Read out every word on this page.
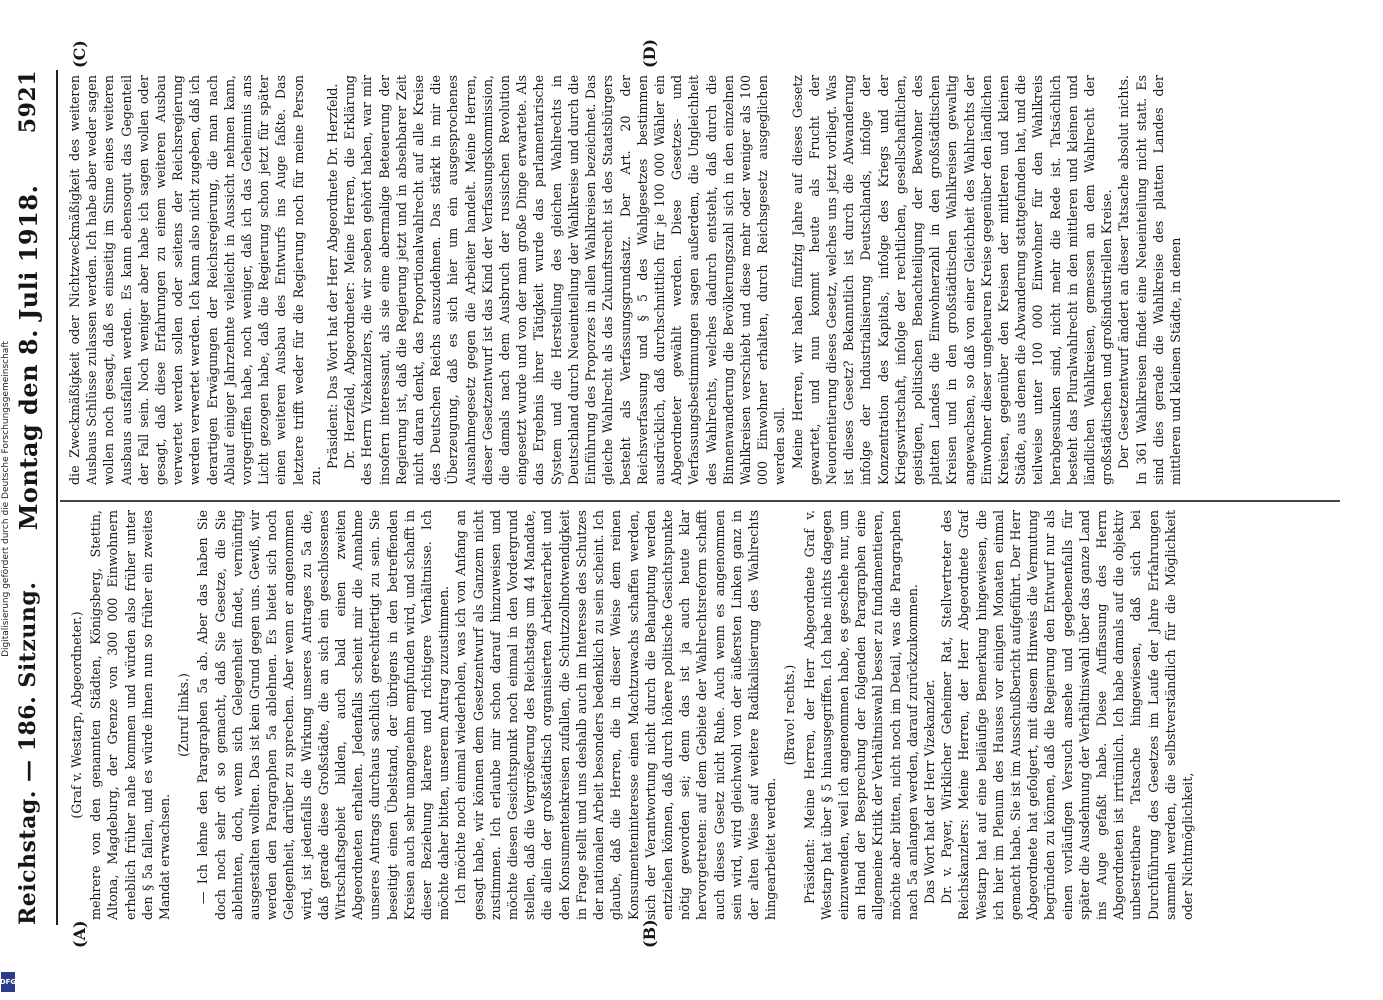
Reichstag. — 186. Sitzung.
Montag den 8. Juli 1918.
5921
(A)	(B)
(C)	(D)

(Graf v. Westarp, Abgeordneter.) mehrere von den genannten Städten, Königsberg, Stettin, Altona, Magdeburg, der Grenze von 300 000 Einwohnern erheblich früher nahe kommen und würden also früher unter den § 5a fallen, und es würde ihnen nun so früher ein zweites Mandat erwachsen.

(Zuruf links.) — Ich lehne den Paragraphen 5a ab. Aber das haben Sie doch noch sehr oft so gemacht, daß Sie Gesetze, die Sie ablehnten, doch, wenn sich Gelegenheit findet, vernünftig ausgestalten wollten. Das ist kein Grund gegen uns. Gewiß, wir werden den Paragraphen 5a ablehnen. Es bietet sich noch Gelegenheit, darüber zu sprechen. Aber wenn er angenommen wird, ist jedenfalls die Wirkung unseres Antrages zu 5a die, daß gerade diese Großstädte, die an sich ein geschlossenes Wirtschaftsgebiet bilden, auch bald einen zweiten Abgeordneten erhalten. Jedenfalls scheint mir die Annahme unseres Antrags durchaus sachlich gerechtfertigt zu sein. Sie beseitigt einen Übelstand, der übrigens in den betreffenden Kreisen auch sehr unangenehm empfunden wird, und schafft in dieser Beziehung klarere und richtigere Verhältnisse. Ich möchte daher bitten, unserem Antrag zuzustimmen. Ich möchte noch einmal wiederholen, was ich von Anfang an gesagt habe, wir können dem Gesetzentwurf als Ganzem nicht zustimmen. Ich erlaube mir schon darauf hinzuweisen und möchte diesen Gesichtspunkt noch einmal in den Vordergrund stellen, daß die Vergrößerung des Reichstags um 44 Mandate, die allein der großstädtisch organisierten Arbeiterarbeit und den Konsumentenkreisen zufallen, die Schutzzollnotwendigkeit in Frage stellt und uns deshalb auch im Interesse des Schutzes der nationalen Arbeit besonders bedenklich zu sein scheint. Ich glaube, daß die Herren, die in dieser Weise dem reinen Konsumenteninteresse einen Machtzuwachs schaffen werden, sich der Verantwortung nicht durch die Behauptung werden entziehen können, daß durch höhere politische Gesichtspunkte nötig geworden sei; denn das ist ja auch heute klar hervorgetreten: auf dem Gebiete der Wahlrechtsreform schafft auch dieses Gesetz nicht Ruhe. Auch wenn es angenommen sein wird, wird gleichwohl von der äußersten Linken ganz in der alten Weise auf weitere Radikalisierung des Wahlrechts hingearbeitet werden.

(Bravo! rechts.) Präsident: Meine Herren, der Herr Abgeordnete Graf v. Westarp hat über § 5 hinausgegriffen. Ich habe nichts dagegen einzuwenden, weil ich angenommen habe, es geschehe nur, um an Hand der Besprechung der folgenden Paragraphen eine allgemeine Kritik der Verhältniswahl besser zu fundamentieren, möchte aber bitten, nicht noch im Detail, was die Paragraphen nach 5a anlangen werden, darauf zurückzukommen. Das Wort hat der Herr Vizekanzler. Dr. v. Payer, Wirklicher Geheimer Rat, Stellvertreter des Reichskanzlers: Meine Herren, der Herr Abgeordnete Graf Westarp hat auf eine beiläufige Bemerkung hingewiesen, die ich hier im Plenum des Hauses vor einigen Monaten einmal gemacht habe. Sie ist im Ausschußbericht aufgeführt. Der Herr Abgeordnete hat gefolgert, mit diesem Hinweis die Vermutung begründen zu können, daß die Regierung den Entwurf nur als einen vorläufigen Versuch ansehe und gegebenenfalls für später die Ausdehnung der Verhältniswahl über das ganze Land ins Auge gefaßt habe. Diese Auffassung des Herrn Abgeordneten ist irrtümlich. Ich habe damals auf die objektiv unbestreitbare Tatsache hingewiesen, daß sich bei Durchführung des Gesetzes im Laufe der Jahre Erfahrungen sammeln werden, die selbstverständlich für die Möglichkeit oder Nichtmöglichkeit,

die Zweckmäßigkeit oder Nichtzweckmäßigkeit des weiteren Ausbaus Schlüsse zulassen werden. Ich habe aber weder sagen wollen noch gesagt, daß es einseitig im Sinne eines weiteren Ausbaus ausfallen werden. Es kann ebensogut das Gegenteil der Fall sein. Noch weniger aber habe ich sagen wollen oder gesagt, daß diese Erfahrungen zu einem weiteren Ausbau verwertet werden sollen oder seitens der Reichsregierung werden verwertet werden. Ich kann also nicht zugeben, daß ich derartigen Erwägungen der Reichsregierung, die man nach Ablauf einiger Jahrzehnte vielleicht in Aussicht nehmen kann, vorgegriffen habe, noch weniger, daß ich das Geheimnis ans Licht gezogen habe, daß die Regierung schon jetzt für später einen weiteren Ausbau des Entwurfs ins Auge faßte. Das letztere trifft weder für die Regierung noch für meine Person zu.

Präsident: Das Wort hat der Herr Abgeordnete Dr. Herzfeld. Dr. Herzfeld, Abgeordneter: Meine Herren, die Erklärung des Herrn Vizekanzlers, die wir soeben gehört haben, war mir insofern interessant, als sie eine abermalige Beteuerung der Regierung ist, daß die Regierung jetzt und in absehbarer Zeit nicht daran denkt, das Proportionalwahlrecht auf alle Kreise des Deutschen Reichs auszudehnen. Das stärkt in mir die Überzeugung, daß es sich hier um ein ausgesprochenes Ausnahmegesetz gegen die Arbeiter handelt. Meine Herren, dieser Gesetzentwurf ist das Kind der Verfassungskommission, die damals nach dem Ausbruch der russischen Revolution eingesetzt wurde und von der man große Dinge erwartete. Als das Ergebnis ihrer Tätigkeit wurde das parlamentarische System und die Herstellung des gleichen Wahlrechts in Deutschland durch Neueinteilung der Wahlkreise und durch die Einführung des Proporzes in allen Wahlkreisen bezeichnet. Das gleiche Wahlrecht als das Zukunftsrecht ist des Staatsbürgers besteht als Verfassungsgrundsatz. Der Art. 20 der Reichsverfassung und § 5 des Wahlgesetzes bestimmen ausdrücklich, daß durchschnittlich für je 100 000 Wähler ein Abgeordneter gewählt werden. Diese Gesetzes- und Verfassungsbestimmungen sagen außerdem, die Ungleichheit des Wahlrechts, welches dadurch entsteht, daß durch die Binnenwanderung die Bevölkerungszahl sich in den einzelnen Wahlkreisen verschiebt und diese mehr oder weniger als 100 000 Einwohner erhalten, durch Reichsgesetz ausgeglichen werden soll. Meine Herren, wir haben fünfzig Jahre auf dieses Gesetz gewartet, und nun kommt heute als Frucht der Neuorientierung dieses Gesetz, welches uns jetzt vorliegt. Was ist dieses Gesetz? Bekanntlich ist durch die Abwanderung infolge der Industrialisierung Deutschlands, infolge der Konzentration des Kapitals, infolge des Kriegs und der Kriegswirtschaft, infolge der rechtlichen, gesellschaftlichen, geistigen, politischen Benachteiligung der Bewohner des platten Landes die Einwohnerzahl in den großstädtischen Kreisen und in den großstädtischen Wahlkreisen gewaltig angewachsen, so daß von einer Gleichheit des Wahlrechts der Einwohner dieser ungeheuren Kreise gegenüber den ländlichen Kreisen, gegenüber den Kreisen der mittleren und kleinen Städte, aus denen die Abwanderung stattgefunden hat, und die teilweise unter 100 000 Einwohner für den Wahlkreis herabgesunken sind, nicht mehr die Rede ist. Tatsächlich besteht das Pluralwahlrecht in den mittleren und kleinen und ländlichen Wahlkreisen, gemessen an dem Wahlrecht der großstädtischen und großindustriellen Kreise. Der Gesetzentwurf ändert an dieser Tatsache absolut nichts. In 361 Wahlkreisen findet eine Neueinteilung nicht statt. Es sind dies gerade die Wahlkreise des platten Landes der mittleren und kleinen Städte, in denen

Digitalisierung gefördert durch die Deutsche Forschungsgemeinschaft
DFG
